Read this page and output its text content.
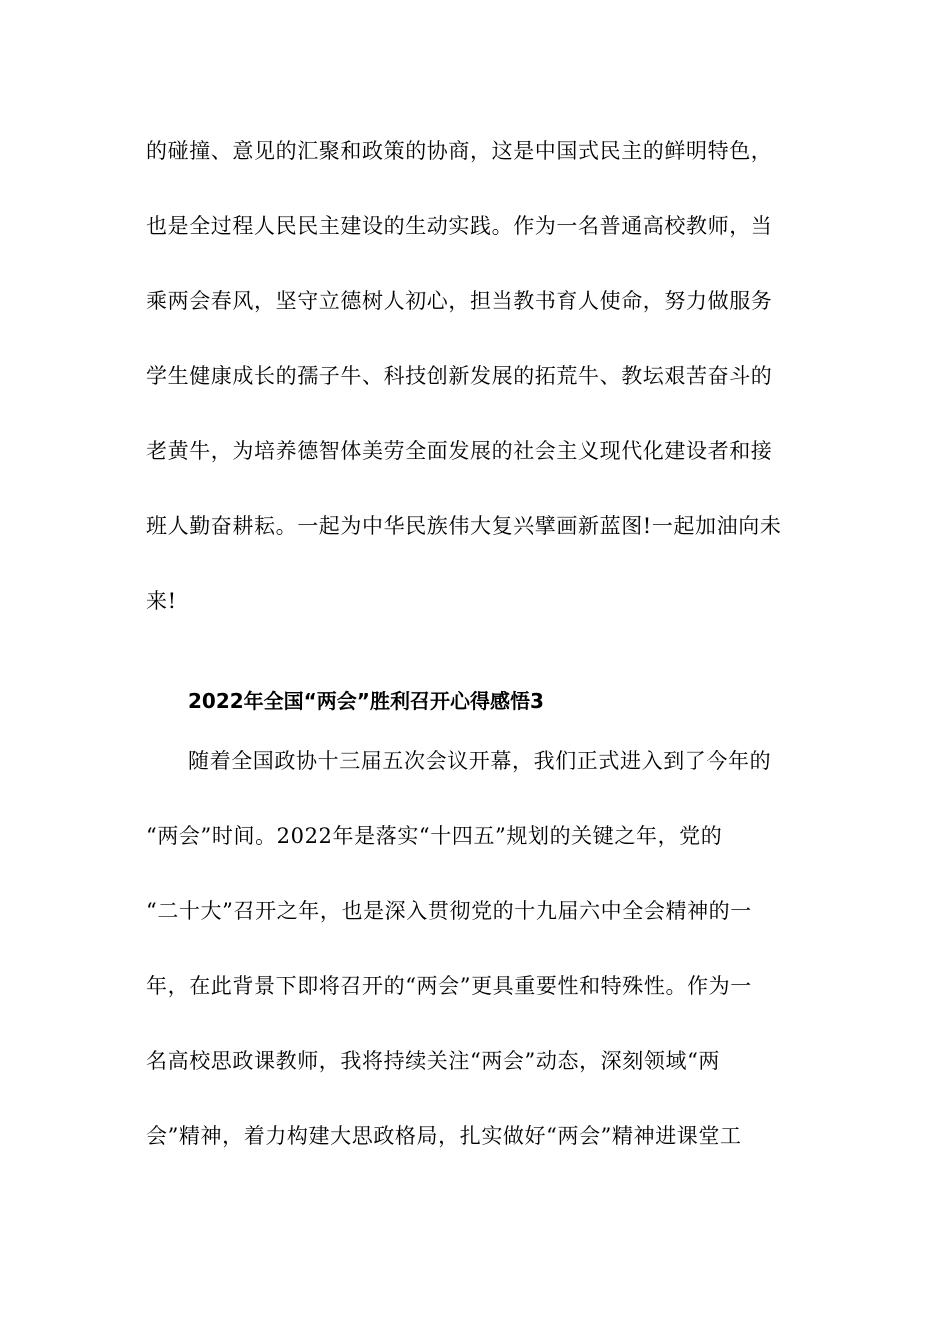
的碰撞、意见的汇聚和政策的协商，这是中国式民主的鲜明特色，
也是全过程人民民主建设的生动实践。作为一名普通高校教师，当
乘两会春风，坚守立德树人初心，担当教书育人使命，努力做服务
学生健康成长的孺子牛、科技创新发展的拓荒牛、教坛艰苦奋斗的
老黄牛，为培养德智体美劳全面发展的社会主义现代化建设者和接
班人勤奋耕耘。一起为中华民族伟大复兴擘画新蓝图!一起加油向未
来!
2022年全国“两会”胜利召开心得感悟3
随着全国政协十三届五次会议开幕，我们正式进入到了今年的
“两会”时间。2022年是落实“十四五”规划的关键之年，党的
“二十大”召开之年，也是深入贯彻党的十九届六中全会精神的一
年，在此背景下即将召开的“两会”更具重要性和特殊性。作为一
名高校思政课教师，我将持续关注“两会”动态，深刻领域“两
会”精神，着力构建大思政格局，扎实做好“两会”精神进课堂工
